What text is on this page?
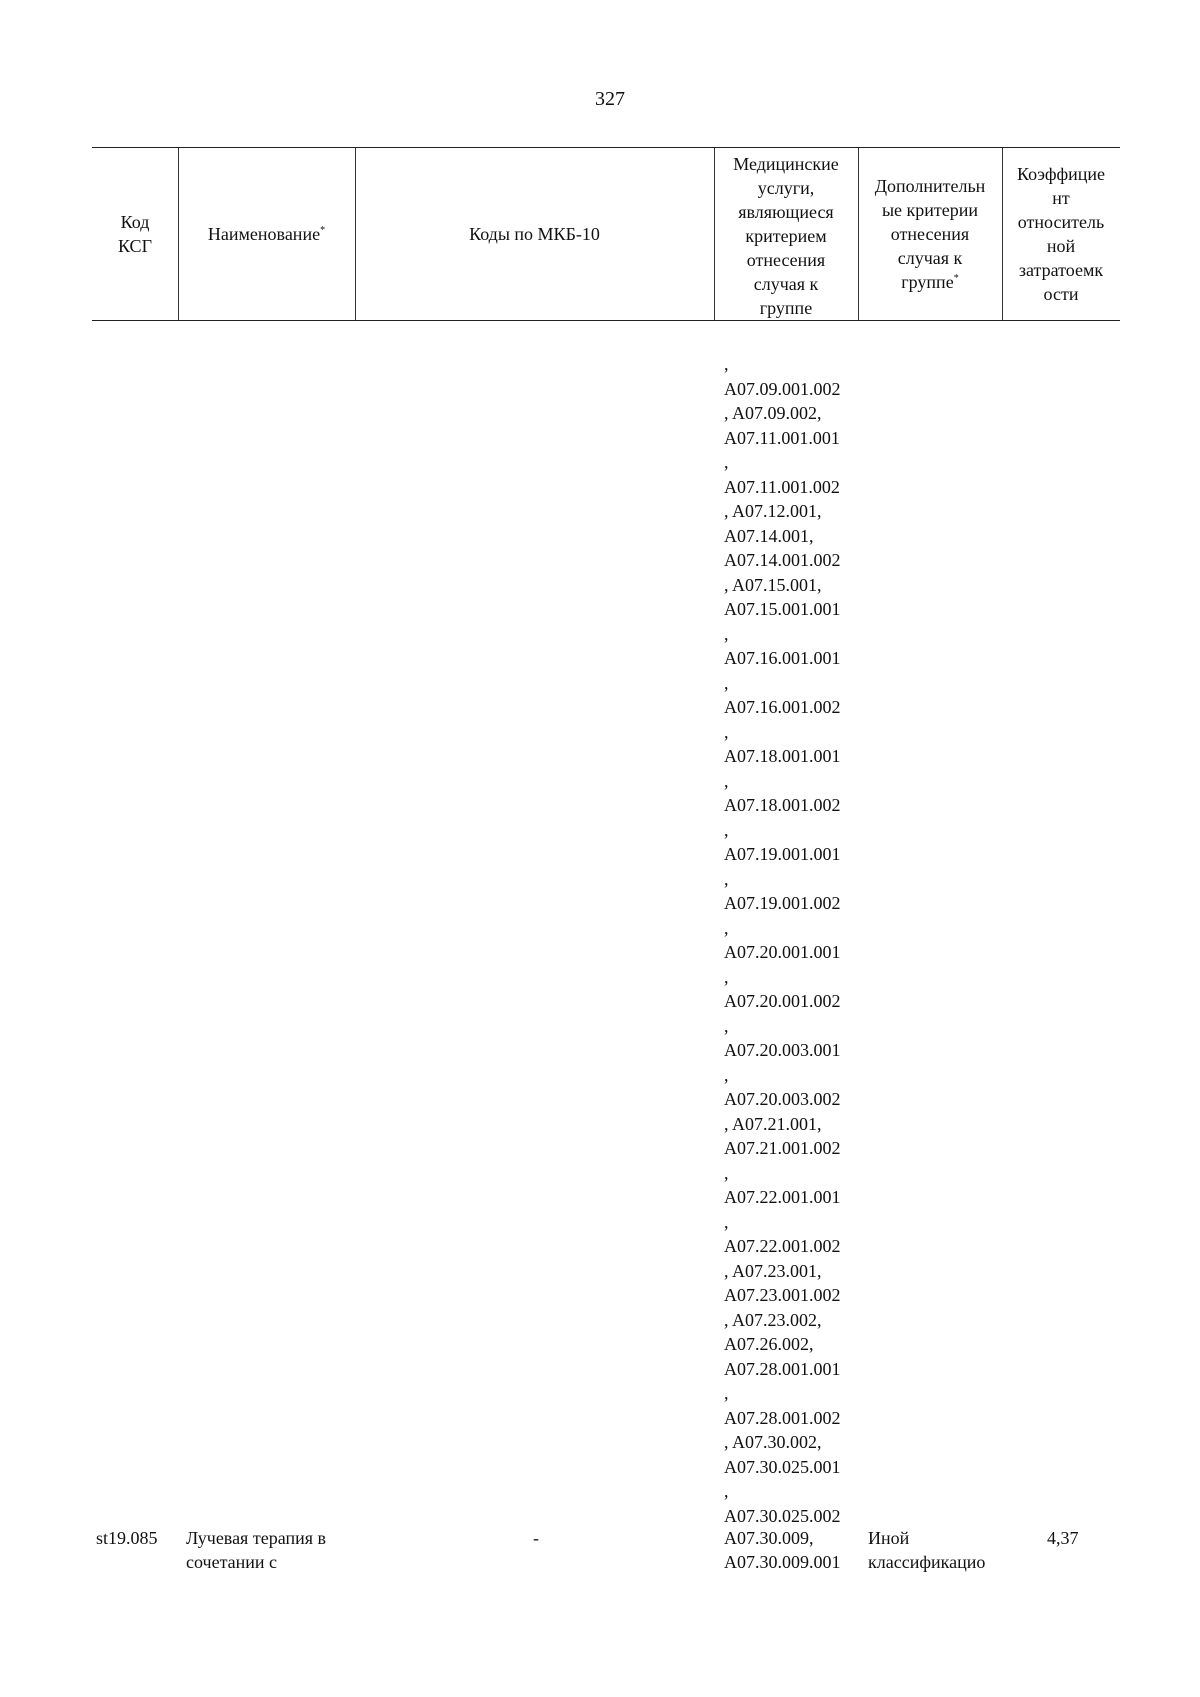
327
Код
КСГ
Наименование*	Коды по МКБ-10
Медицинские
услуги,
являющиеся
критерием
отнесения
случая к
группе
Дополнительн
ые критерии
отнесения
случая к
группе*
Коэффицие
нт
относитель
ной
затратоемк
ости
,
A07.09.001.002
, A07.09.002,
A07.11.001.001
,
A07.11.001.002
, A07.12.001,
A07.14.001,
A07.14.001.002
, A07.15.001,
A07.15.001.001
,
A07.16.001.001
,
A07.16.001.002
,
A07.18.001.001
,
A07.18.001.002
,
A07.19.001.001
,
A07.19.001.002
,
A07.20.001.001
,
A07.20.001.002
,
A07.20.003.001
,
A07.20.003.002
, A07.21.001,
A07.21.001.002
,
A07.22.001.001
,
A07.22.001.002
, A07.23.001,
A07.23.001.002
, A07.23.002,
A07.26.002,
A07.28.001.001
,
A07.28.001.002
, A07.30.002,
A07.30.025.001
,
A07.30.025.002
st19.085 Лучевая терапия в
сочетании с
-	A07.30.009,
A07.30.009.001
Иной
классификацио
4,37
